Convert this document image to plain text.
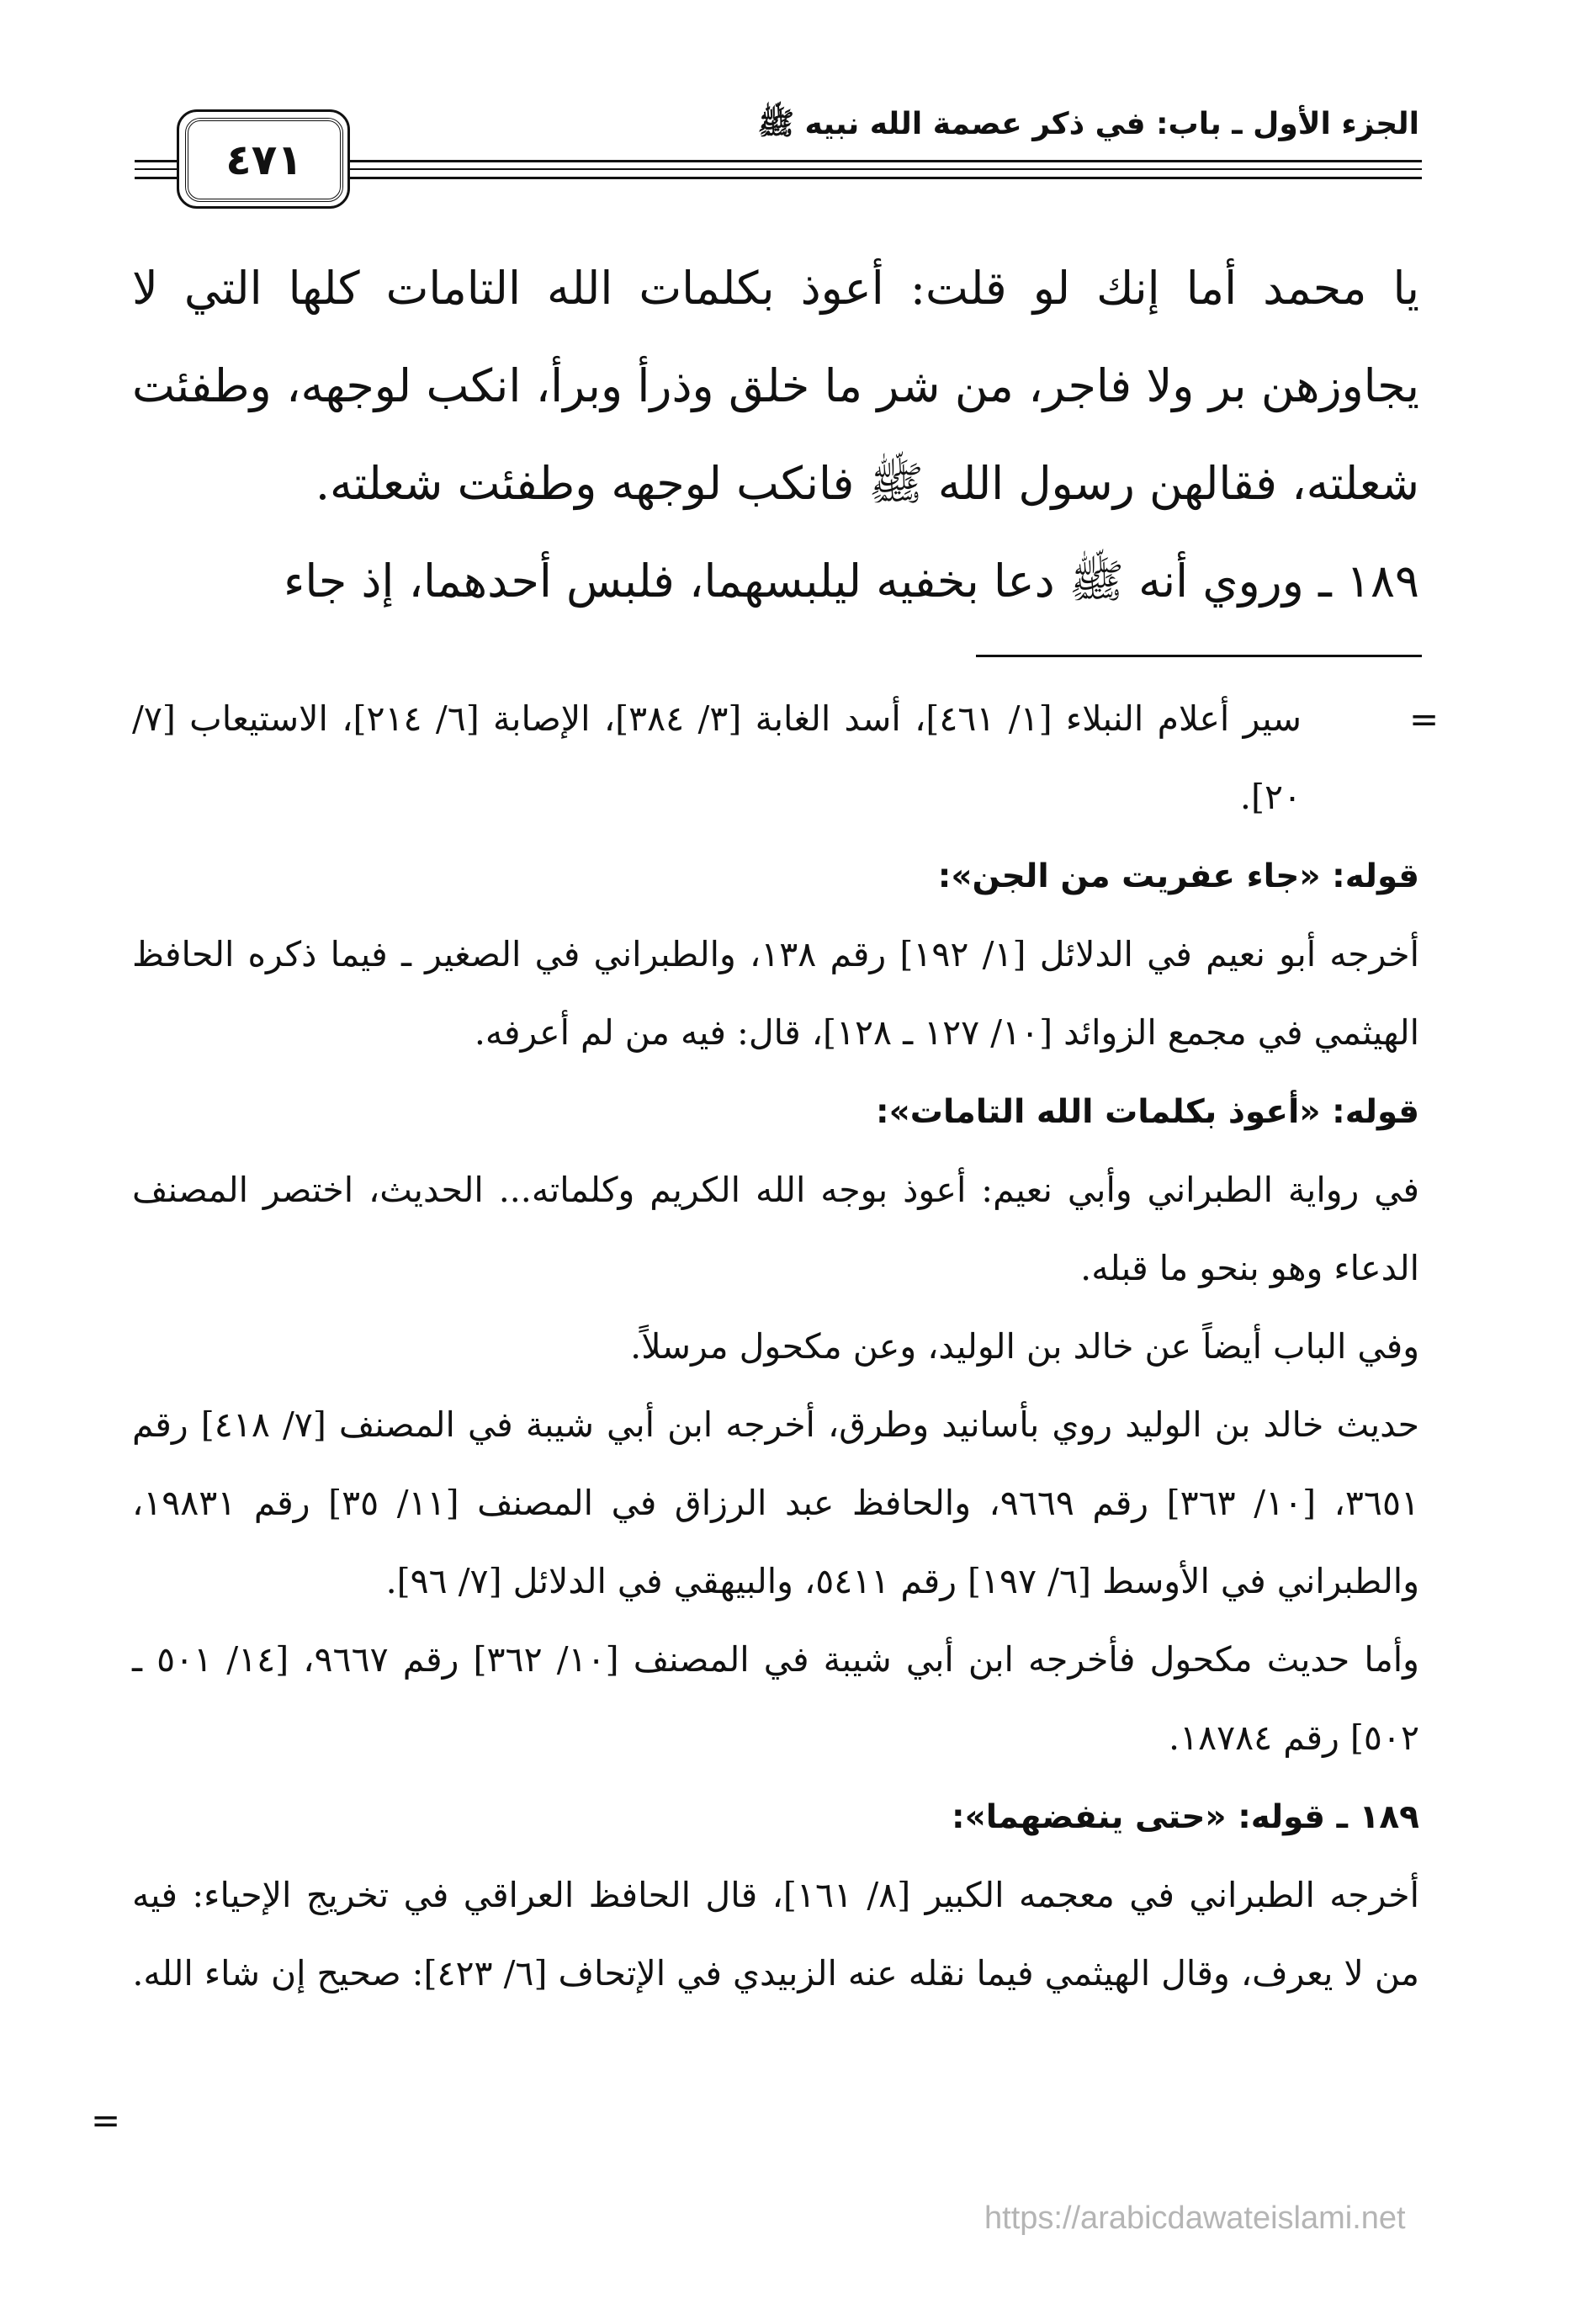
الجزء الأول ـ باب: في ذكر عصمة الله نبيه ﷺ
٤٧١

يا محمد أما إنك لو قلت: أعوذ بكلمات الله التامات كلها التي لا يجاوزهن بر ولا فاجر، من شر ما خلق وذرأ وبرأ، انكب لوجهه، وطفئت شعلته، فقالهن رسول الله ﷺ فانكب لوجهه وطفئت شعلته.

١٨٩ ـ وروي أنه ﷺ دعا بخفيه ليلبسهما، فلبس أحدهما، إذ جاء

=

سير أعلام النبلاء [١/ ٤٦١]، أسد الغابة [٣/ ٣٨٤]، الإصابة [٦/ ٢١٤]، الاستيعاب [٧/ ٢٠].

قوله: «جاء عفريت من الجن»:

أخرجه أبو نعيم في الدلائل [١/ ١٩٢] رقم ١٣٨، والطبراني في الصغير ـ فيما ذكره الحافظ الهيثمي في مجمع الزوائد [١٠/ ١٢٧ ـ ١٢٨]، قال: فيه من لم أعرفه.

قوله: «أعوذ بكلمات الله التامات»:

في رواية الطبراني وأبي نعيم: أعوذ بوجه الله الكريم وكلماته... الحديث، اختصر المصنف الدعاء وهو بنحو ما قبله.

وفي الباب أيضاً عن خالد بن الوليد، وعن مكحول مرسلاً.

حديث خالد بن الوليد روي بأسانيد وطرق، أخرجه ابن أبي شيبة في المصنف [٧/ ٤١٨] رقم ٣٦٥١، [١٠/ ٣٦٣] رقم ٩٦٦٩، والحافظ عبد الرزاق في المصنف [١١/ ٣٥] رقم ١٩٨٣١، والطبراني في الأوسط [٦/ ١٩٧] رقم ٥٤١١، والبيهقي في الدلائل [٧/ ٩٦].

وأما حديث مكحول فأخرجه ابن أبي شيبة في المصنف [١٠/ ٣٦٢] رقم ٩٦٦٧، [١٤/ ٥٠١ ـ ٥٠٢] رقم ١٨٧٨٤.

١٨٩ ـ قوله: «حتى ينفضهما»:

أخرجه الطبراني في معجمه الكبير [٨/ ١٦١]، قال الحافظ العراقي في تخريج الإحياء: فيه من لا يعرف، وقال الهيثمي فيما نقله عنه الزبيدي في الإتحاف [٦/ ٤٢٣]: صحيح إن شاء الله.

=
https://arabicdawateislami.net
